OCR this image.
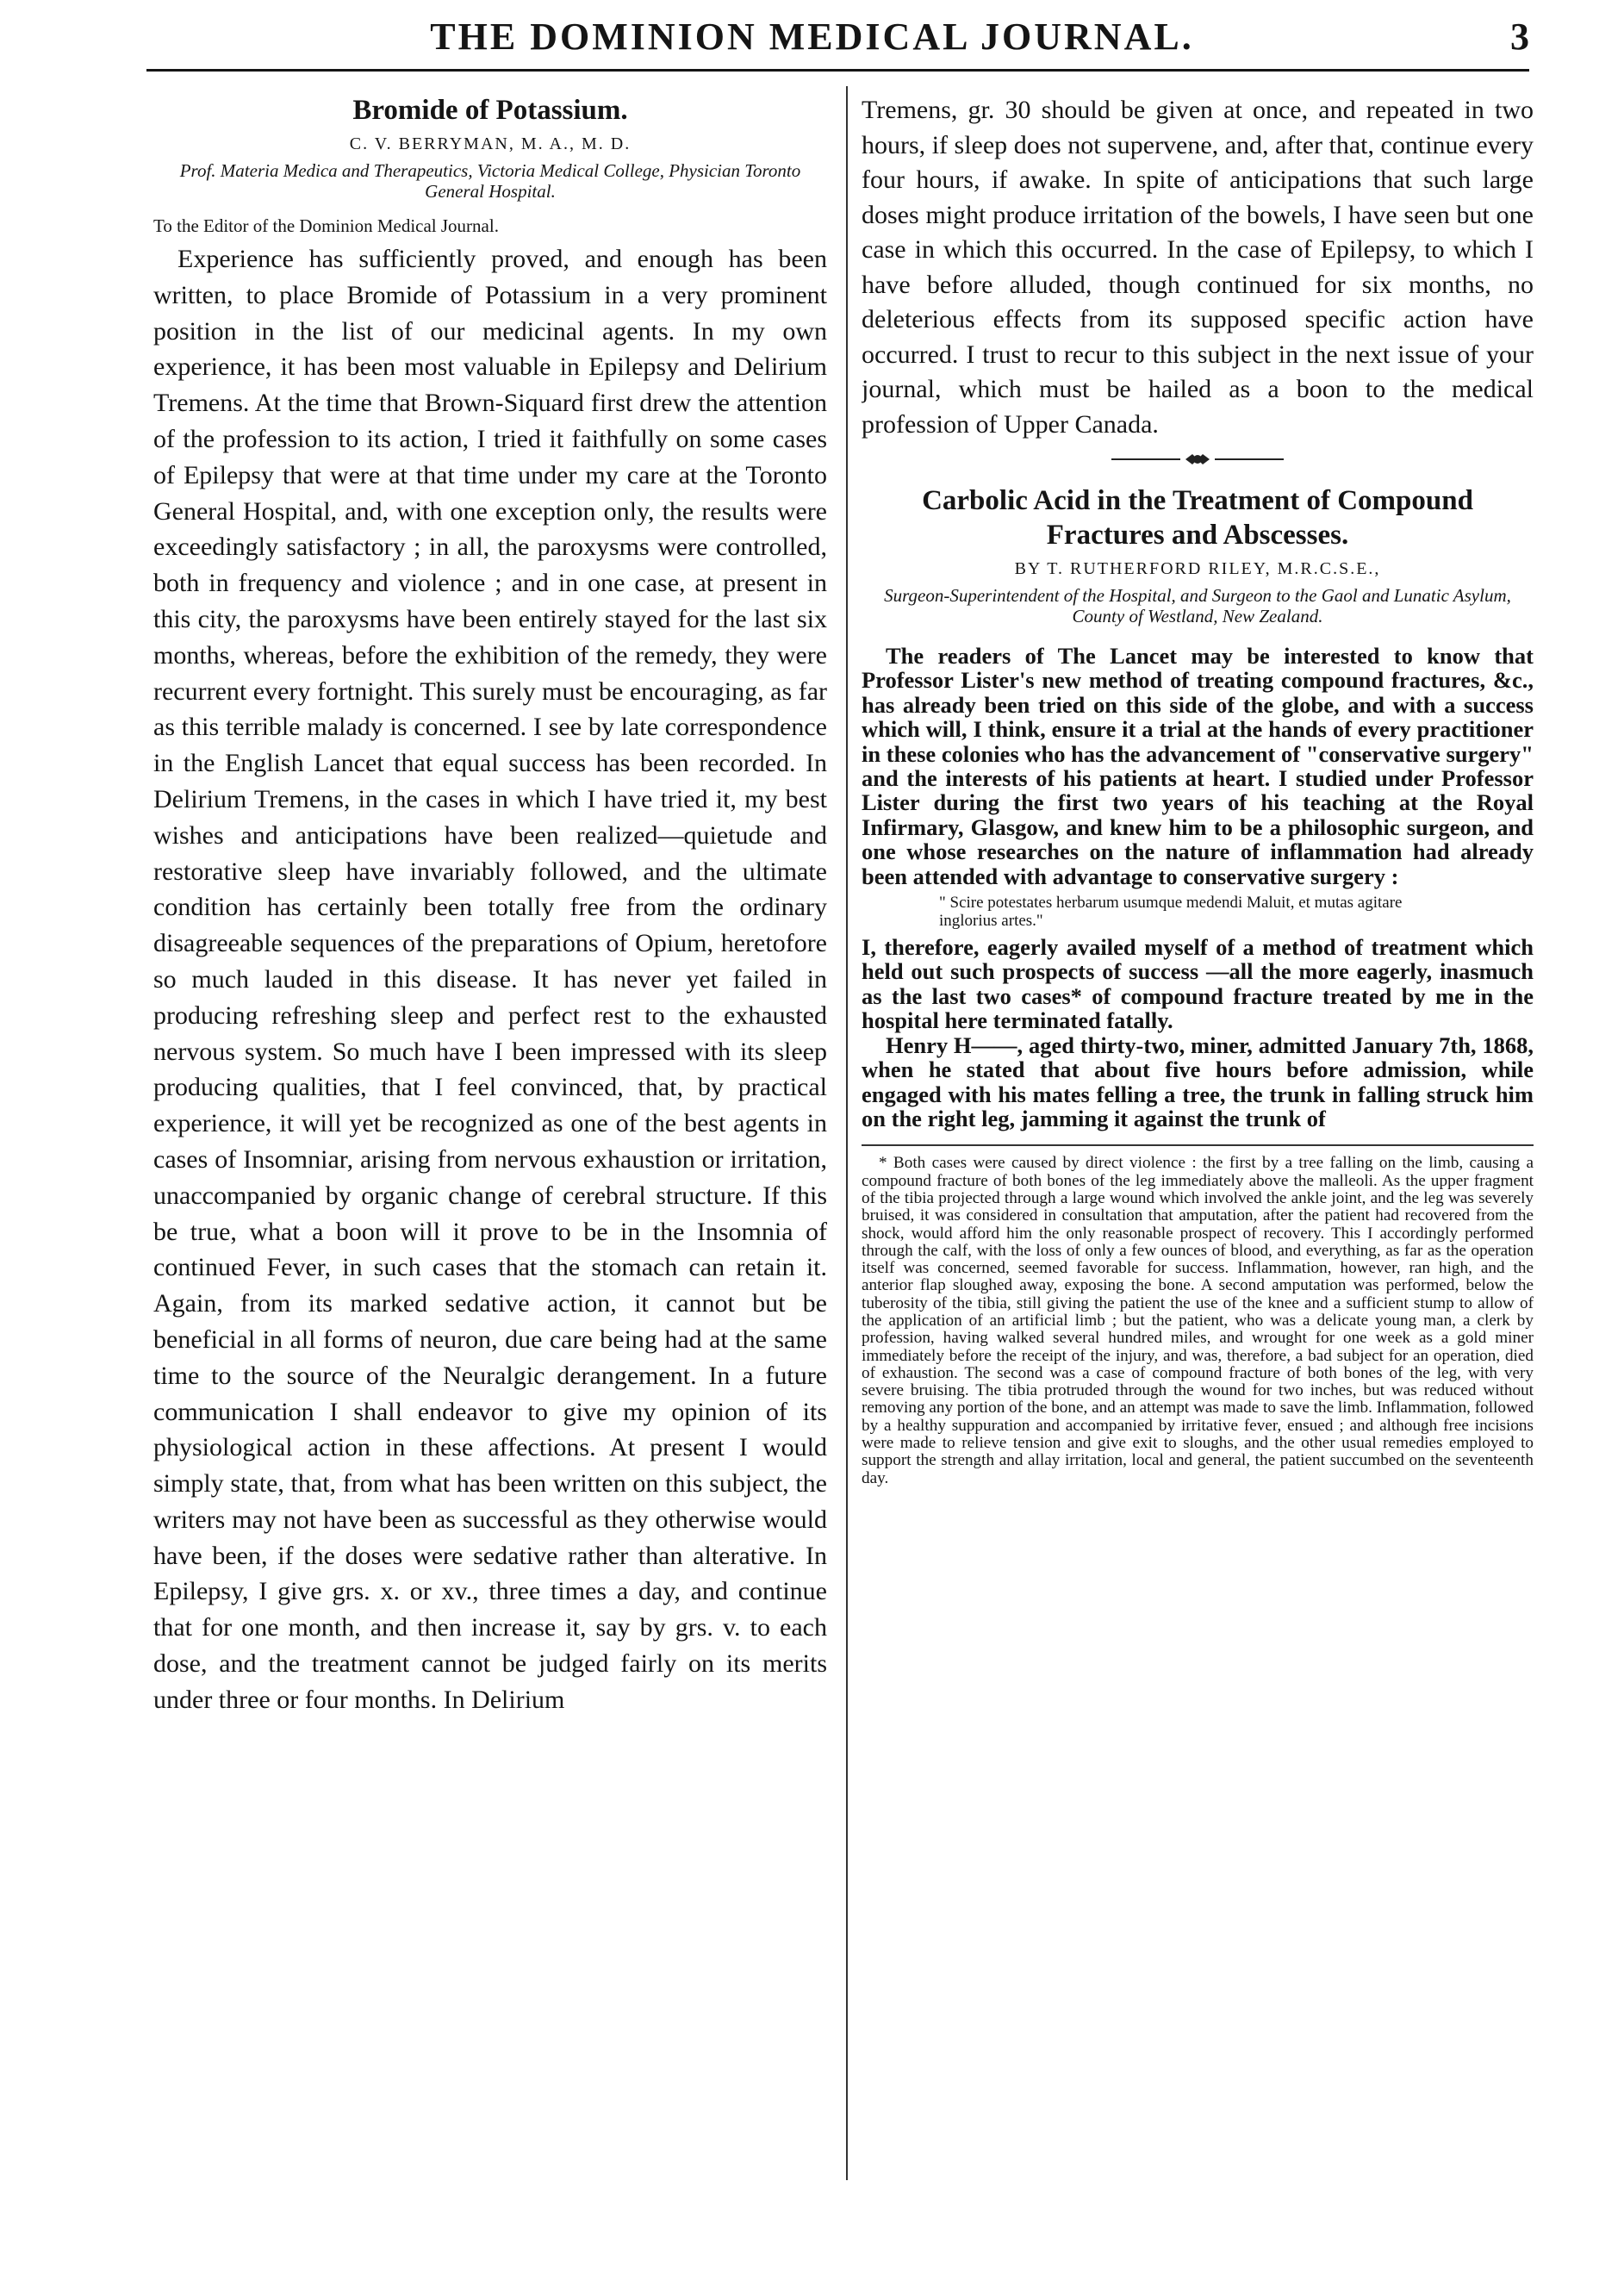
THE DOMINION MEDICAL JOURNAL.	3
Bromide of Potassium.

C. V. BERRYMAN, M. A., M. D.

Prof. Materia Medica and Therapeutics, Victoria Medical College, Physician Toronto General Hospital.

To the Editor of the Dominion Medical Journal.

Experience has sufficiently proved, and enough has been written, to place Bromide of Potassium in a very prominent position in the list of our medicinal agents. In my own experience, it has been most valuable in Epilepsy and Delirium Tremens. At the time that Brown-Siquard first drew the attention of the profession to its action, I tried it faithfully on some cases of Epilepsy that were at that time under my care at the Toronto General Hospital, and, with one exception only, the results were exceedingly satisfactory ; in all, the paroxysms were controlled, both in frequency and violence ; and in one case, at present in this city, the paroxysms have been entirely stayed for the last six months, whereas, before the exhibition of the remedy, they were recurrent every fortnight. This surely must be encouraging, as far as this terrible malady is concerned. I see by late correspondence in the English Lancet that equal success has been recorded. In Delirium Tremens, in the cases in which I have tried it, my best wishes and anticipations have been realized—quietude and restorative sleep have invariably followed, and the ultimate condition has certainly been totally free from the ordinary disagreeable sequences of the preparations of Opium, heretofore so much lauded in this disease. It has never yet failed in producing refreshing sleep and perfect rest to the exhausted nervous system. So much have I been impressed with its sleep producing qualities, that I feel convinced, that, by practical experience, it will yet be recognized as one of the best agents in cases of Insomniar, arising from nervous exhaustion or irritation, unaccompanied by organic change of cerebral structure. If this be true, what a boon will it prove to be in the Insomnia of continued Fever, in such cases that the stomach can retain it. Again, from its marked sedative action, it cannot but be beneficial in all forms of neuron, due care being had at the same time to the source of the Neuralgic derangement. In a future communication I shall endeavor to give my opinion of its physiological action in these affections. At present I would simply state, that, from what has been written on this subject, the writers may not have been as successful as they otherwise would have been, if the doses were sedative rather than alterative. In Epilepsy, I give grs. x. or xv., three times a day, and continue that for one month, and then increase it, say by grs. v. to each dose, and the treatment cannot be judged fairly on its merits under three or four months. In Delirium

Tremens, gr. 30 should be given at once, and repeated in two hours, if sleep does not supervene, and, after that, continue every four hours, if awake. In spite of anticipations that such large doses might produce irritation of the bowels, I have seen but one case in which this occurred. In the case of Epilepsy, to which I have before alluded, though continued for six months, no deleterious effects from its supposed specific action have occurred. I trust to recur to this subject in the next issue of your journal, which must be hailed as a boon to the medical profession of Upper Canada.

Carbolic Acid in the Treatment of Compound Fractures and Abscesses.

BY T. RUTHERFORD RILEY, M.R.C.S.E.,

Surgeon-Superintendent of the Hospital, and Surgeon to the Gaol and Lunatic Asylum, County of Westland, New Zealand.

The readers of The Lancet may be interested to know that Professor Lister's new method of treating compound fractures, &c., has already been tried on this side of the globe, and with a success which will, I think, ensure it a trial at the hands of every practitioner in these colonies who has the advancement of "conservative surgery" and the interests of his patients at heart. I studied under Professor Lister during the first two years of his teaching at the Royal Infirmary, Glasgow, and knew him to be a philosophic surgeon, and one whose researches on the nature of inflammation had already been attended with advantage to conservative surgery :

" Scire potestates herbarum usumque medendi Maluit, et mutas agitare inglorius artes."

I, therefore, eagerly availed myself of a method of treatment which held out such prospects of success —all the more eagerly, inasmuch as the last two cases* of compound fracture treated by me in the hospital here terminated fatally.

Henry H——, aged thirty-two, miner, admitted January 7th, 1868, when he stated that about five hours before admission, while engaged with his mates felling a tree, the trunk in falling struck him on the right leg, jamming it against the trunk of

* Both cases were caused by direct violence : the first by a tree falling on the limb, causing a compound fracture of both bones of the leg immediately above the malleoli. As the upper fragment of the tibia projected through a large wound which involved the ankle joint, and the leg was severely bruised, it was considered in consultation that amputation, after the patient had recovered from the shock, would afford him the only reasonable prospect of recovery. This I accordingly performed through the calf, with the loss of only a few ounces of blood, and everything, as far as the operation itself was concerned, seemed favorable for success. Inflammation, however, ran high, and the anterior flap sloughed away, exposing the bone. A second amputation was performed, below the tuberosity of the tibia, still giving the patient the use of the knee and a sufficient stump to allow of the application of an artificial limb ; but the patient, who was a delicate young man, a clerk by profession, having walked several hundred miles, and wrought for one week as a gold miner immediately before the receipt of the injury, and was, therefore, a bad subject for an operation, died of exhaustion. The second was a case of compound fracture of both bones of the leg, with very severe bruising. The tibia protruded through the wound for two inches, but was reduced without removing any portion of the bone, and an attempt was made to save the limb. Inflammation, followed by a healthy suppuration and accompanied by irritative fever, ensued ; and although free incisions were made to relieve tension and give exit to sloughs, and the other usual remedies employed to support the strength and allay irritation, local and general, the patient succumbed on the seventeenth day.
